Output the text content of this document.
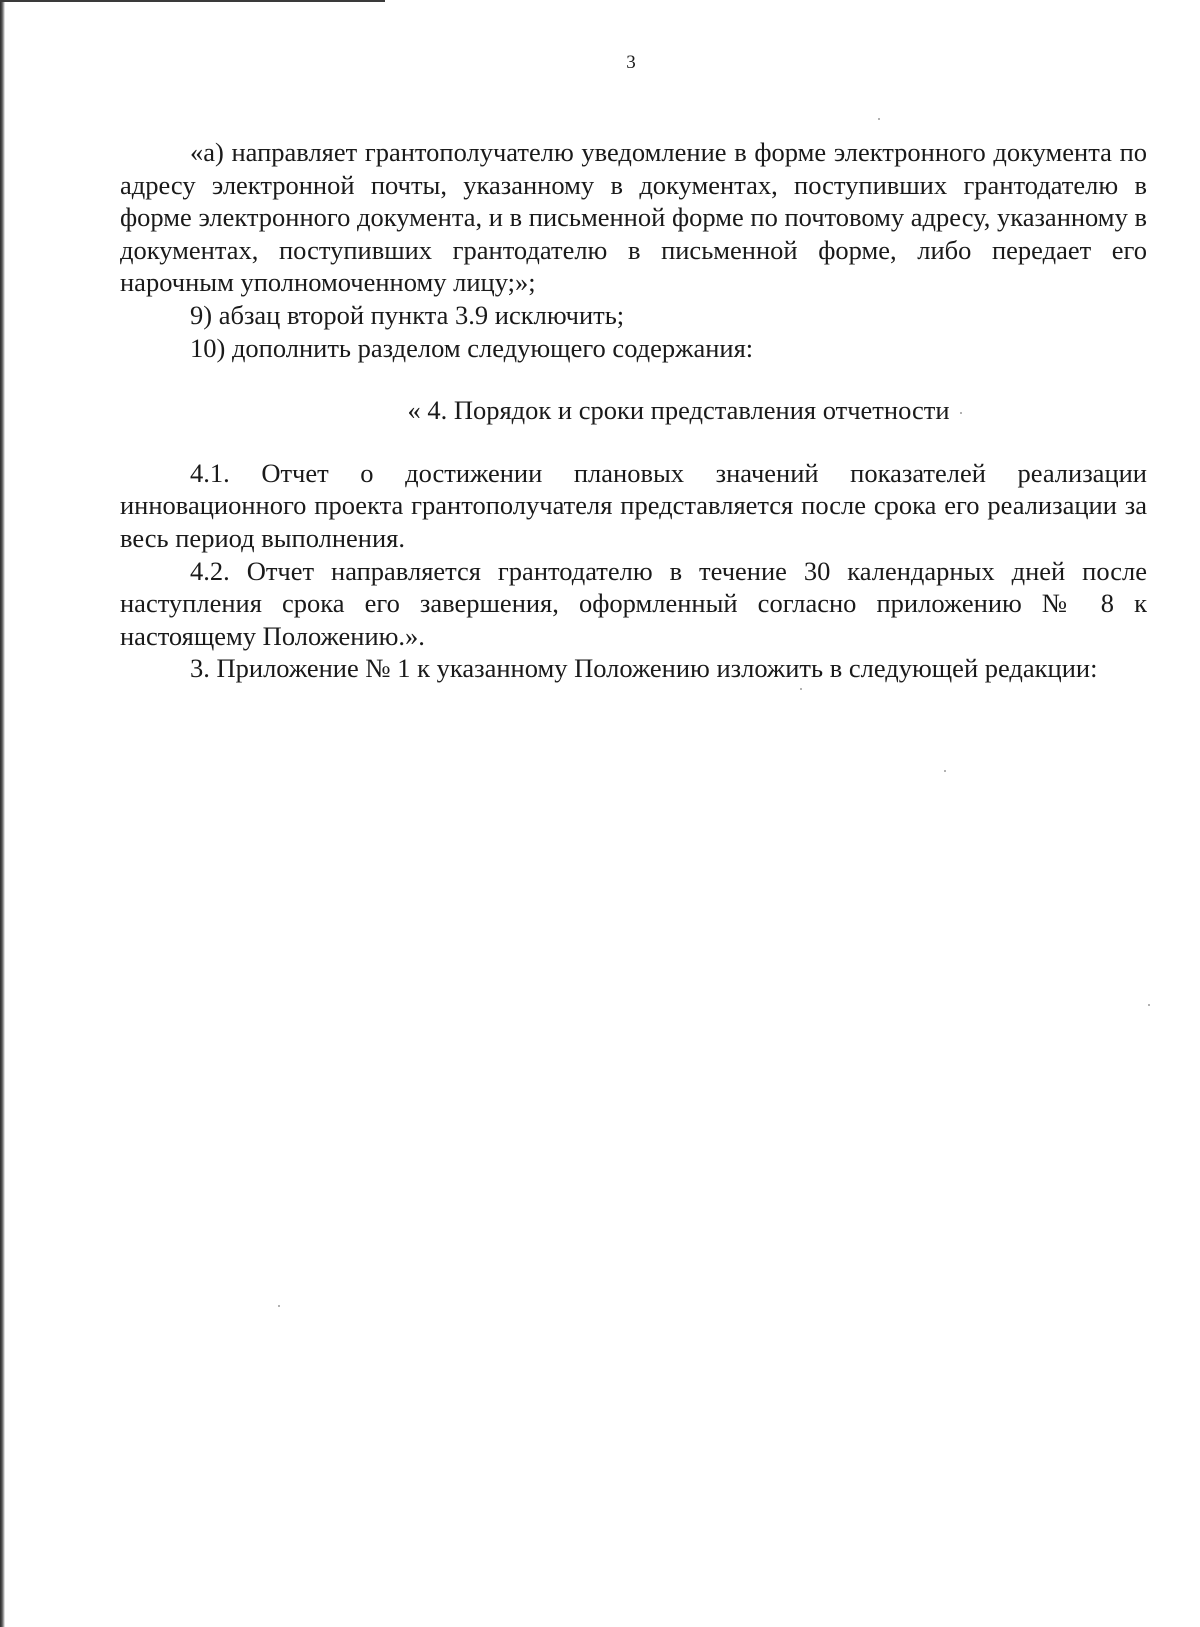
3

«а) направляет грантополучателю уведомление в форме электронного документа по адресу электронной почты, указанному в документах, поступивших грантодателю в форме электронного документа, и в письменной форме по почтовому адресу, указанному в документах, поступивших грантодателю в письменной форме, либо передает его нарочным уполномоченному лицу;»;

9) абзац второй пункта 3.9 исключить;

10) дополнить разделом следующего содержания:

« 4. Порядок и сроки представления отчетности

4.1. Отчет о достижении плановых значений показателей реализации инновационного проекта грантополучателя представляется после срока его реализации за весь период выполнения.

4.2. Отчет направляется грантодателю в течение 30 календарных дней после наступления срока его завершения, оформленный согласно приложению № 8 к настоящему Положению.».

3. Приложение № 1 к указанному Положению изложить в следующей редакции:
